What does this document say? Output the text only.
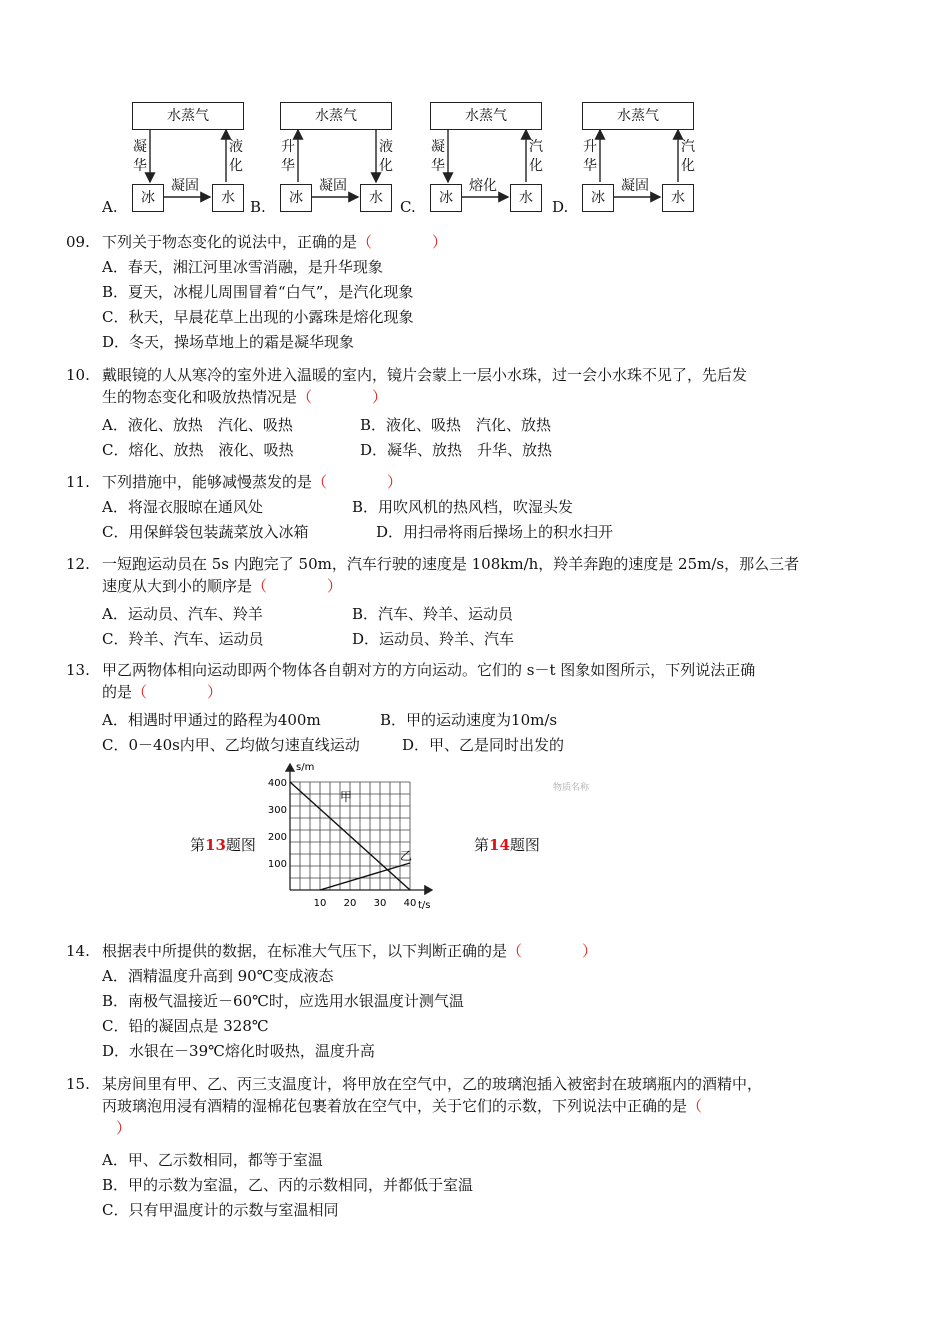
A.
水蒸气
冰	水
凝华
液化
凝固
B.
水蒸气
冰	水
升华
液化
凝固
C.
水蒸气
冰	水
凝华
汽化
熔化
D.
水蒸气
冰	水
升华
汽化
凝固
09. 下列关于物态变化的说法中，正确的是（　　　　）
A．春天，湘江河里冰雪消融，是升华现象
B．夏天，冰棍儿周围冒着“白气”，是汽化现象
C．秋天，早晨花草上出现的小露珠是熔化现象
D．冬天，操场草地上的霜是凝华现象
10. 戴眼镜的人从寒冷的室外进入温暖的室内，镜片会蒙上一层小水珠，过一会小水珠不见了，先后发
生的物态变化和吸放热情况是（　　　　）
A．液化、放热　汽化、吸热	B．液化、吸热　汽化、放热
C．熔化、放热　液化、吸热	D．凝华、放热　升华、放热
11. 下列措施中，能够减慢蒸发的是（　　　　）
A．将湿衣服晾在通风处	B．用吹风机的热风档，吹湿头发
C．用保鲜袋包装蔬菜放入冰箱	D．用扫帚将雨后操场上的积水扫开
12. 一短跑运动员在 5s 内跑完了 50m，汽车行驶的速度是 108km/h，羚羊奔跑的速度是 25m/s，那么三者
速度从大到小的顺序是（　　　　）
A．运动员、汽车、羚羊	B．汽车、羚羊、运动员
C．羚羊、汽车、运动员	D．运动员、羚羊、汽车
13. 甲乙两物体相向运动即两个物体各自朝对方的方向运动。它们的 s－t 图象如图所示，下列说法正确
的是（　　　　）
A．相遇时甲通过的路程为400m	B．甲的运动速度为10m/s
C．0－40s内甲、乙均做匀速直线运动	D．甲、乙是同时出发的
第13题图	第14题图
物质名称
s/m
t/s
10 20 30 40
100
200
300
400
甲
乙
14. 根据表中所提供的数据，在标准大气压下，以下判断正确的是（　　　　）
A．酒精温度升高到 90℃变成液态
B．南极气温接近－60℃时，应选用水银温度计测气温
C．铅的凝固点是 328℃
D．水银在－39℃熔化时吸热，温度升高
15. 某房间里有甲、乙、丙三支温度计，将甲放在空气中，乙的玻璃泡插入被密封在玻璃瓶内的酒精中，
丙玻璃泡用浸有酒精的湿棉花包裹着放在空气中，关于它们的示数，下列说法中正确的是（
）
A．甲、乙示数相同，都等于室温
B．甲的示数为室温，乙、丙的示数相同，并都低于室温
C．只有甲温度计的示数与室温相同
